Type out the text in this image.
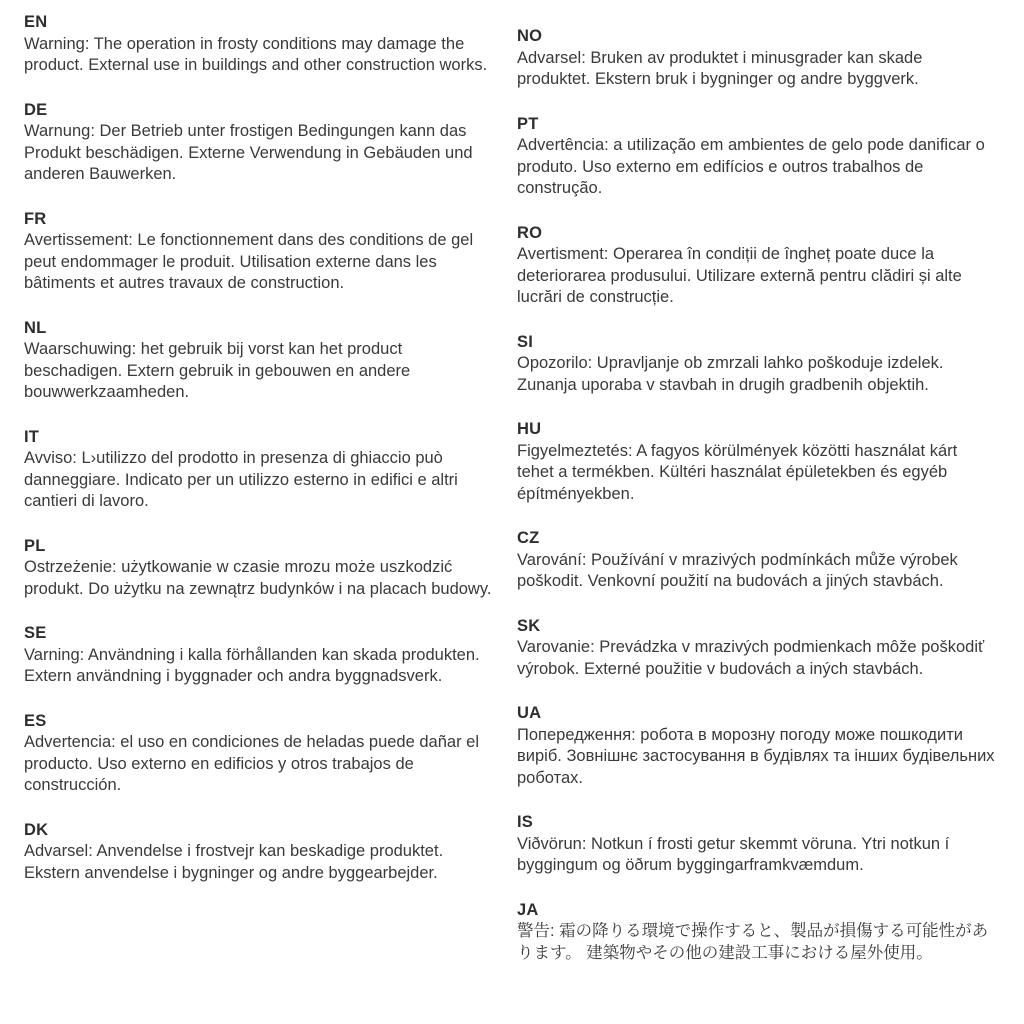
EN
Warning: The operation in frosty conditions may damage the product. External use in buildings and other construction works.
DE
Warnung: Der Betrieb unter frostigen Bedingungen kann das Produkt beschädigen. Externe Verwendung in Gebäuden und anderen Bauwerken.
FR
Avertissement: Le fonctionnement dans des conditions de gel peut endommager le produit. Utilisation externe dans les bâtiments et autres travaux de construction.
NL
Waarschuwing: het gebruik bij vorst kan het product beschadigen. Extern gebruik in gebouwen en andere bouwwerkzaamheden.
IT
Avviso: L›utilizzo del prodotto in presenza di ghiaccio può danneggiare. Indicato per un utilizzo esterno in edifici e altri cantieri di lavoro.
PL
Ostrzeżenie: użytkowanie w czasie mrozu może uszkodzić produkt. Do użytku na zewnątrz budynków i na placach budowy.
SE
Varning: Användning i kalla förhållanden kan skada produkten. Extern användning i byggnader och andra byggnadsverk.
ES
Advertencia: el uso en condiciones de heladas puede dañar el producto. Uso externo en edificios y otros trabajos de construcción.
DK
Advarsel: Anvendelse i frostvejr kan beskadige produktet. Ekstern anvendelse i bygninger og andre byggearbejder.
NO
Advarsel: Bruken av produktet i minusgrader kan skade produktet. Ekstern bruk i bygninger og andre byggverk.
PT
Advertência: a utilização em ambientes de gelo pode danificar o produto. Uso externo em edifícios e outros trabalhos de construção.
RO
Avertisment: Operarea în condiții de îngheț poate duce la deteriorarea produsului. Utilizare externă pentru clădiri și alte lucrări de construcție.
SI
Opozorilo: Upravljanje ob zmrzali lahko poškoduje izdelek. Zunanja uporaba v stavbah in drugih gradbenih objektih.
HU
Figyelmeztetés: A fagyos körülmények közötti használat kárt tehet a termékben. Kültéri használat épületekben és egyéb építményekben.
CZ
Varování: Používání v mrazivých podmínkách může výrobek poškodit. Venkovní použití na budovách a jiných stavbách.
SK
Varovanie: Prevádzka v mrazivých podmienkach môže poškodiť výrobok. Externé použitie v budovách a iných stavbách.
UA
Попередження: робота в морозну погоду може пошкодити виріб. Зовнішнє застосування в будівлях та інших будівельних роботах.
IS
Viðvörun: Notkun í frosti getur skemmt vöruna. Ytri notkun í byggingum og öðrum byggingarframkvæmdum.
JA
警告: 霜の降りる環境で操作すると、製品が損傷する可能性があります。 建築物やその他の建設工事における屋外使用。
